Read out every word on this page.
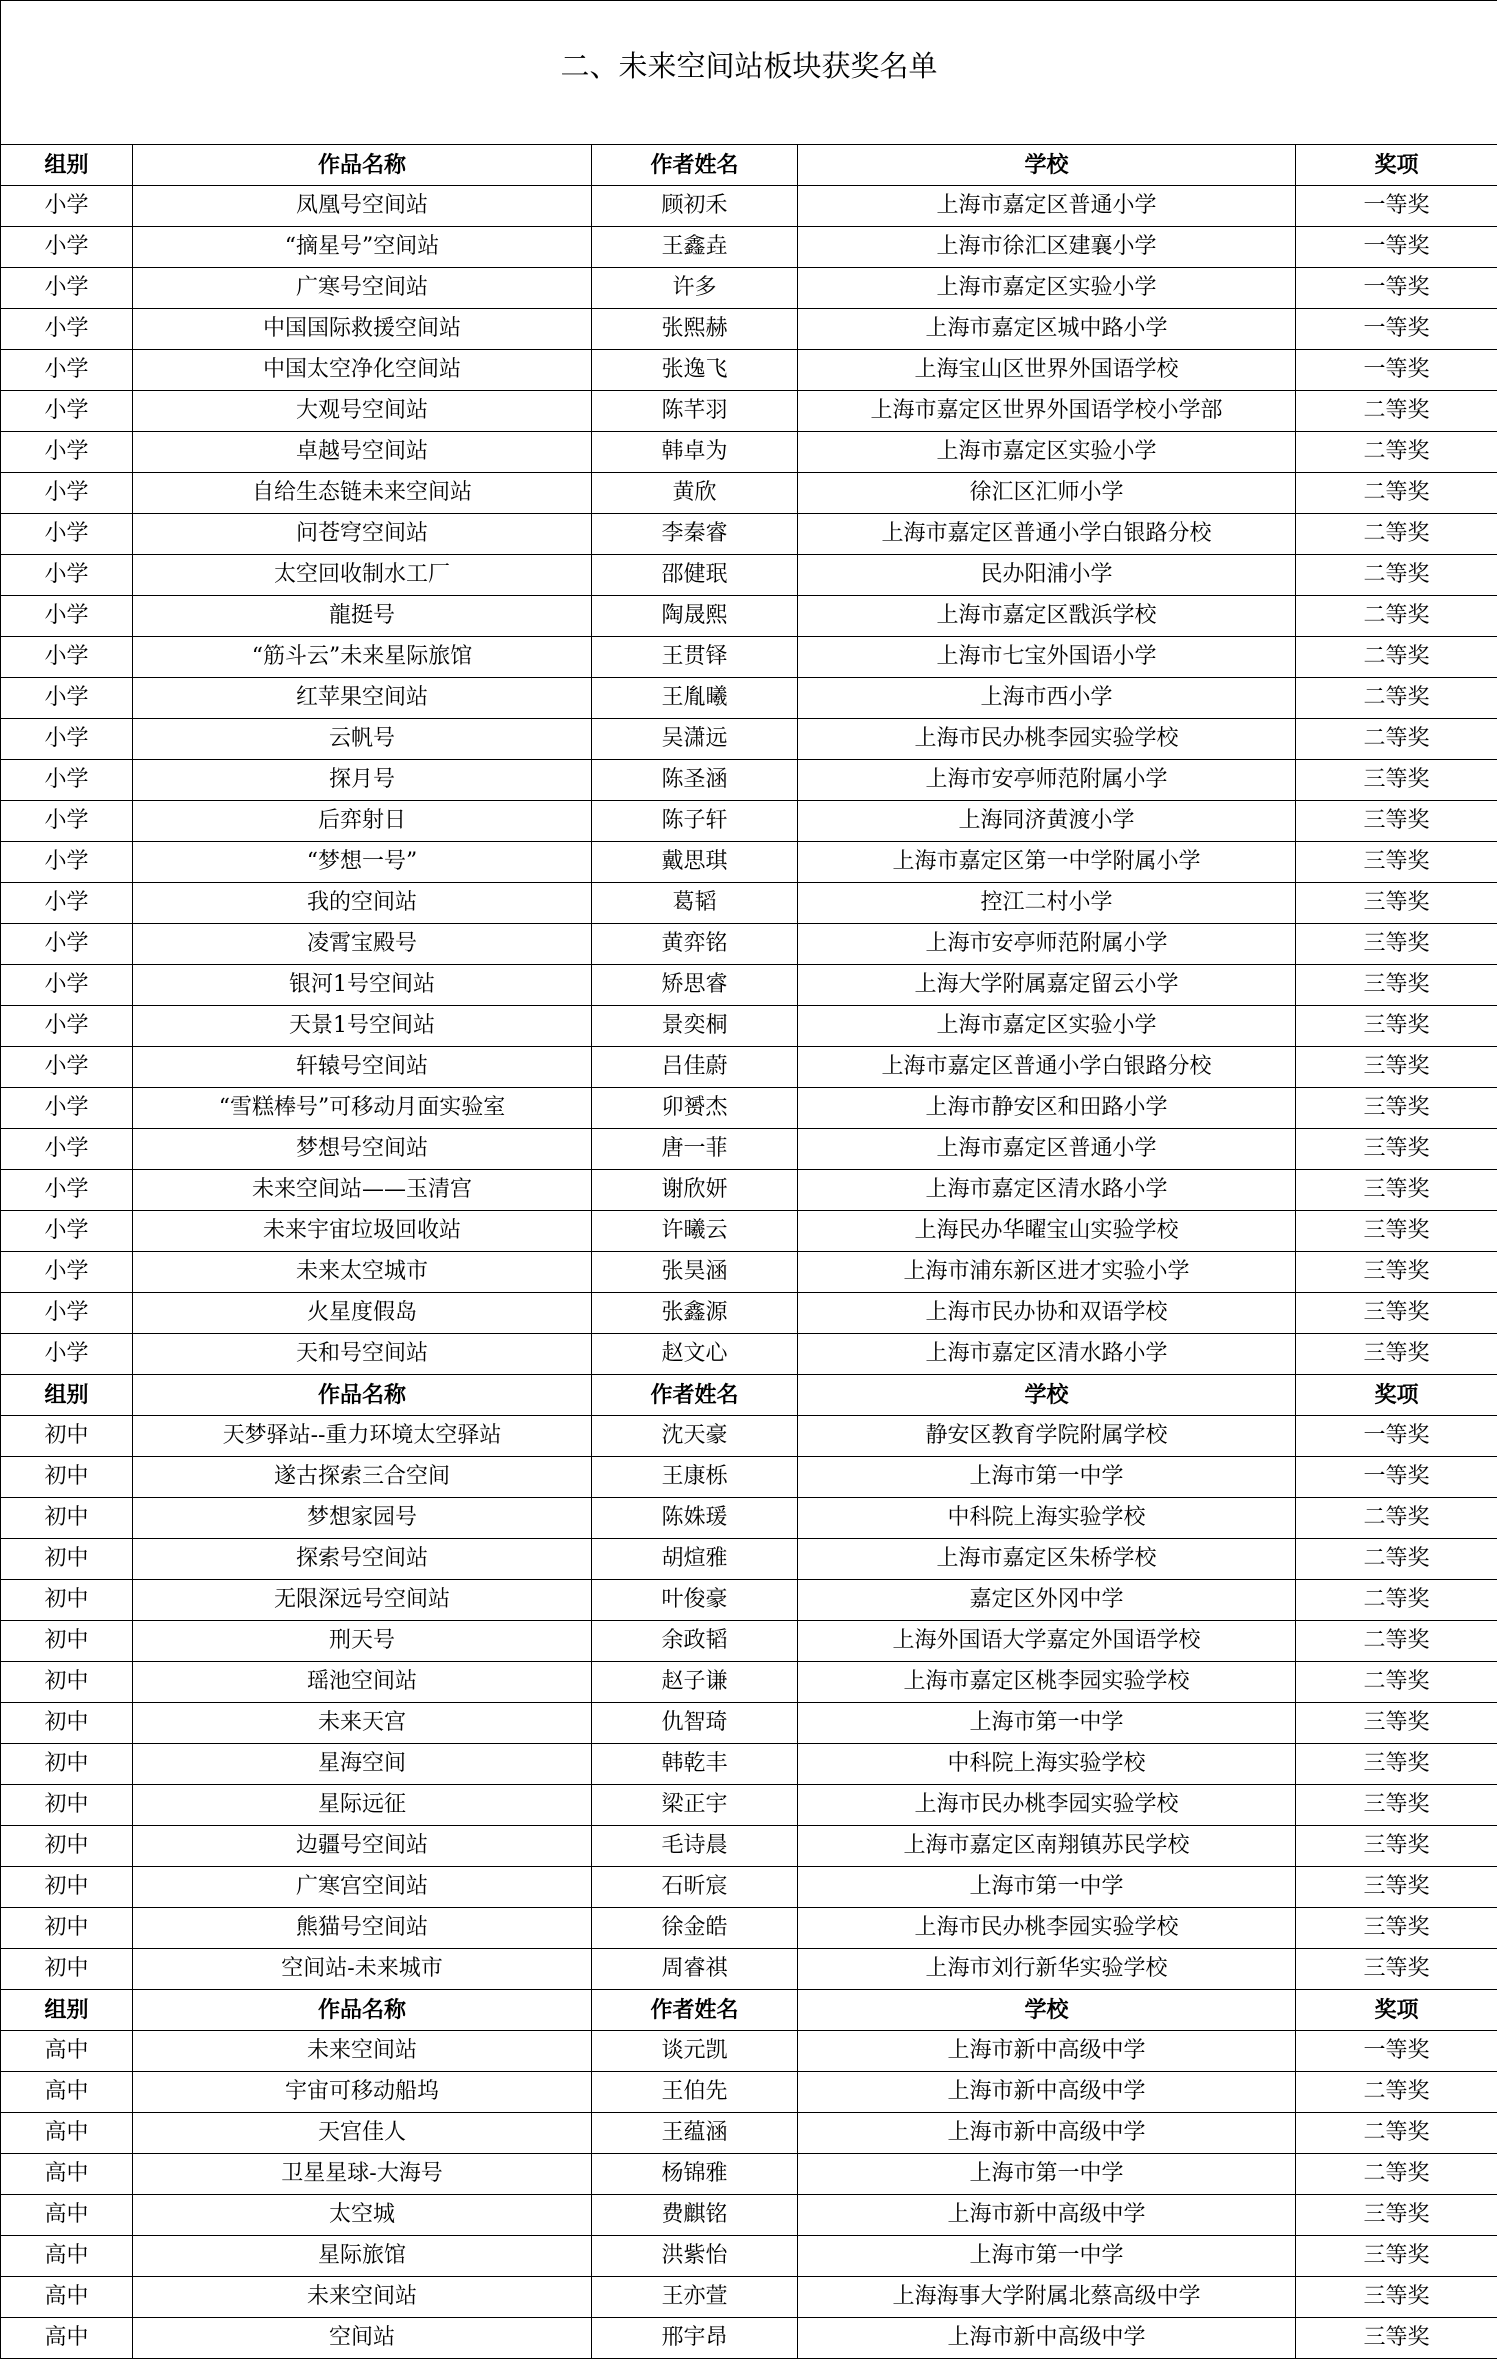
二、未来空间站板块获奖名单				
组别	作品名称	作者姓名	学校	奖项
小学	凤凰号空间站	顾初禾	上海市嘉定区普通小学	一等奖
小学	“摘星号”空间站	王鑫垚	上海市徐汇区建襄小学	一等奖
小学	广寒号空间站	许多	上海市嘉定区实验小学	一等奖
小学	中国国际救援空间站	张熙赫	上海市嘉定区城中路小学	一等奖
小学	中国太空净化空间站	张逸飞	上海宝山区世界外国语学校	一等奖
小学	大观号空间站	陈芊羽	上海市嘉定区世界外国语学校小学部	二等奖
小学	卓越号空间站	韩卓为	上海市嘉定区实验小学	二等奖
小学	自给生态链未来空间站	黄欣	徐汇区汇师小学	二等奖
小学	问苍穹空间站	李秦睿	上海市嘉定区普通小学白银路分校	二等奖
小学	太空回收制水工厂	邵健珉	民办阳浦小学	二等奖
小学	龍挺号	陶晟熙	上海市嘉定区戬浜学校	二等奖
小学	“筋斗云”未来星际旅馆	王贯铎	上海市七宝外国语小学	二等奖
小学	红苹果空间站	王胤曦	上海市西小学	二等奖
小学	云帆号	吴潇远	上海市民办桃李园实验学校	二等奖
小学	探月号	陈圣涵	上海市安亭师范附属小学	三等奖
小学	后弈射日	陈子轩	上海同济黄渡小学	三等奖
小学	“梦想一号”	戴思琪	上海市嘉定区第一中学附属小学	三等奖
小学	我的空间站	葛韬	控江二村小学	三等奖
小学	凌霄宝殿号	黄弈铭	上海市安亭师范附属小学	三等奖
小学	银河1号空间站	矫思睿	上海大学附属嘉定留云小学	三等奖
小学	天景1号空间站	景奕桐	上海市嘉定区实验小学	三等奖
小学	轩辕号空间站	吕佳蔚	上海市嘉定区普通小学白银路分校	三等奖
小学	“雪糕棒号”可移动月面实验室	卯赟杰	上海市静安区和田路小学	三等奖
小学	梦想号空间站	唐一菲	上海市嘉定区普通小学	三等奖
小学	未来空间站——玉清宫	谢欣妍	上海市嘉定区清水路小学	三等奖
小学	未来宇宙垃圾回收站	许曦云	上海民办华曜宝山实验学校	三等奖
小学	未来太空城市	张昊涵	上海市浦东新区进才实验小学	三等奖
小学	火星度假岛	张鑫源	上海市民办协和双语学校	三等奖
小学	天和号空间站	赵文心	上海市嘉定区清水路小学	三等奖
组别	作品名称	作者姓名	学校	奖项
初中	天梦驿站--重力环境太空驿站	沈天豪	静安区教育学院附属学校	一等奖
初中	遂古探索三合空间	王康栎	上海市第一中学	一等奖
初中	梦想家园号	陈姝瑗	中科院上海实验学校	二等奖
初中	探索号空间站	胡煊雅	上海市嘉定区朱桥学校	二等奖
初中	无限深远号空间站	叶俊豪	嘉定区外冈中学	二等奖
初中	刑天号	余政韬	上海外国语大学嘉定外国语学校	二等奖
初中	瑶池空间站	赵子谦	上海市嘉定区桃李园实验学校	二等奖
初中	未来天宫	仇智琦	上海市第一中学	三等奖
初中	星海空间	韩乾丰	中科院上海实验学校	三等奖
初中	星际远征	梁正宇	上海市民办桃李园实验学校	三等奖
初中	边疆号空间站	毛诗晨	上海市嘉定区南翔镇苏民学校	三等奖
初中	广寒宫空间站	石昕宸	上海市第一中学	三等奖
初中	熊猫号空间站	徐金皓	上海市民办桃李园实验学校	三等奖
初中	空间站-未来城市	周睿祺	上海市刘行新华实验学校	三等奖
组别	作品名称	作者姓名	学校	奖项
高中	未来空间站	谈元凯	上海市新中高级中学	一等奖
高中	宇宙可移动船坞	王伯先	上海市新中高级中学	二等奖
高中	天宫佳人	王蕴涵	上海市新中高级中学	二等奖
高中	卫星星球-大海号	杨锦雅	上海市第一中学	二等奖
高中	太空城	费麒铭	上海市新中高级中学	三等奖
高中	星际旅馆	洪紫怡	上海市第一中学	三等奖
高中	未来空间站	王亦萱	上海海事大学附属北蔡高级中学	三等奖
高中	空间站	邢宇昂	上海市新中高级中学	三等奖
